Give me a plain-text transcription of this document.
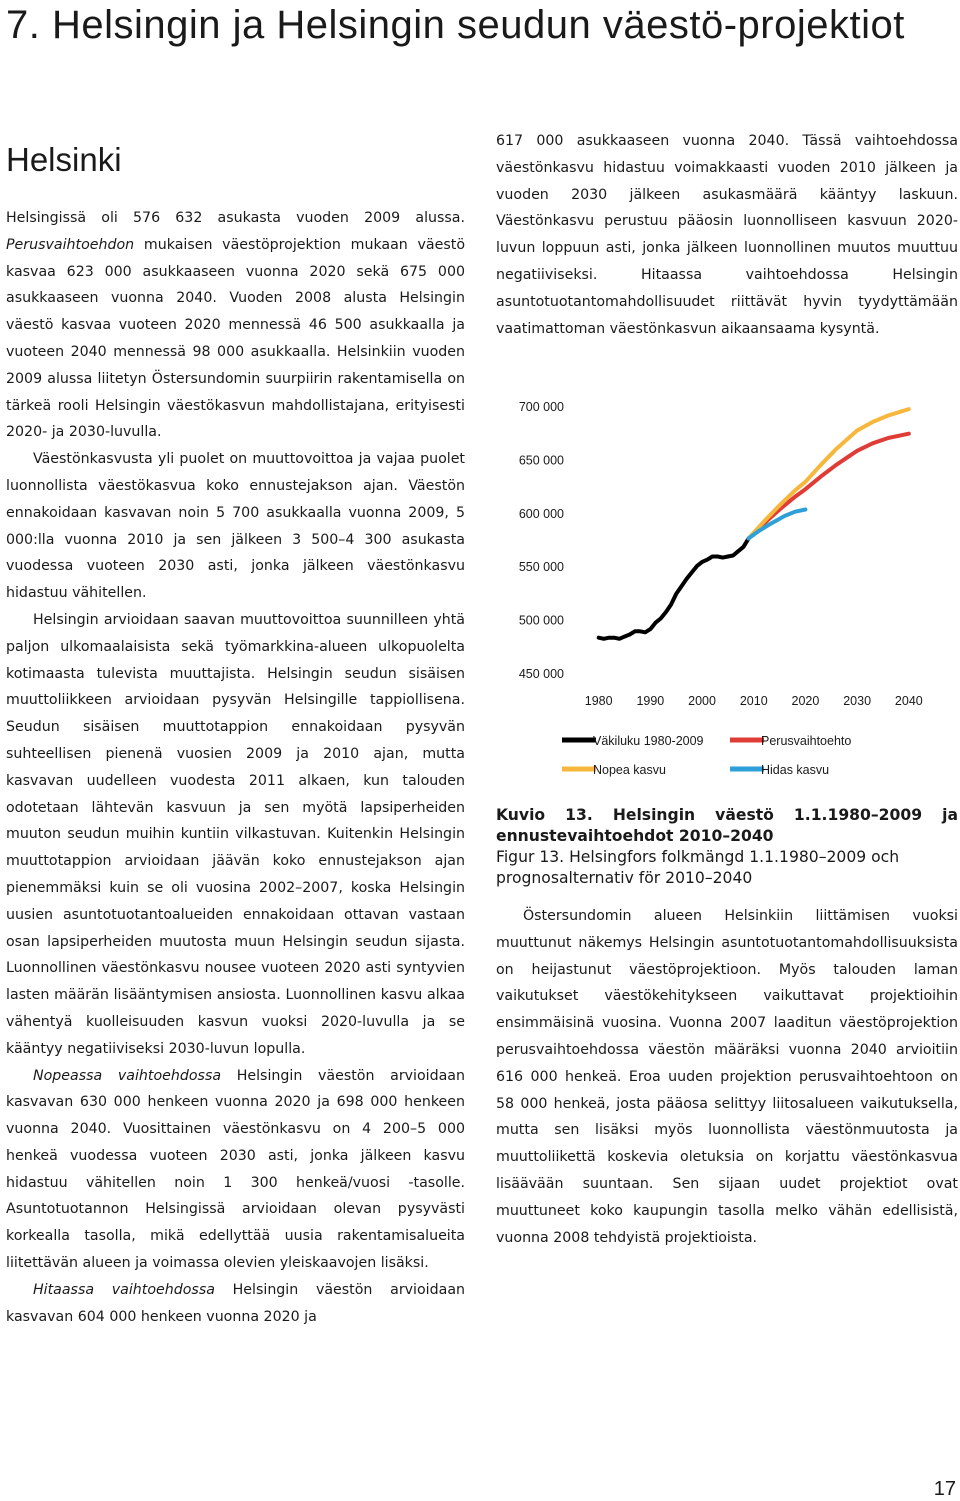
7. Helsingin ja Helsingin seudun väestö-projektiot
Helsinki

Helsingissä oli 576 632 asukasta vuoden 2009 alussa. Perusvaihtoehdon mukaisen väestöprojektion mukaan väestö kasvaa 623 000 asukkaaseen vuonna 2020 sekä 675 000 asukkaaseen vuonna 2040. Vuoden 2008 alusta Helsingin väestö kasvaa vuoteen 2020 mennessä 46 500 asukkaalla ja vuoteen 2040 mennessä 98 000 asukkaalla. Helsinkiin vuoden 2009 alussa liitetyn Östersundomin suurpiirin rakentamisella on tärkeä rooli Helsingin väestökasvun mahdollistajana, erityisesti 2020- ja 2030-luvulla.

Väestönkasvusta yli puolet on muuttovoittoa ja vajaa puolet luonnollista väestökasvua koko ennustejakson ajan. Väestön ennakoidaan kasvavan noin 5 700 asukkaalla vuonna 2009, 5 000:lla vuonna 2010 ja sen jälkeen 3 500–4 300 asukasta vuodessa vuoteen 2030 asti, jonka jälkeen väestönkasvu hidastuu vähitellen.

Helsingin arvioidaan saavan muuttovoittoa suunnilleen yhtä paljon ulkomaalaisista sekä työmarkkina-alueen ulkopuolelta kotimaasta tulevista muuttajista. Helsingin seudun sisäisen muuttoliikkeen arvioidaan pysyvän Helsingille tappiollisena. Seudun sisäisen muuttotappion ennakoidaan pysyvän suhteellisen pienenä vuosien 2009 ja 2010 ajan, mutta kasvavan uudelleen vuodesta 2011 alkaen, kun talouden odotetaan lähtevän kasvuun ja sen myötä lapsiperheiden muuton seudun muihin kuntiin vilkastuvan. Kuitenkin Helsingin muuttotappion arvioidaan jäävän koko ennustejakson ajan pienemmäksi kuin se oli vuosina 2002–2007, koska Helsingin uusien asuntotuotantoalueiden ennakoidaan ottavan vastaan osan lapsiperheiden muutosta muun Helsingin seudun sijasta. Luonnollinen väestönkasvu nousee vuoteen 2020 asti syntyvien lasten määrän lisääntymisen ansiosta. Luonnollinen kasvu alkaa vähentyä kuolleisuuden kasvun vuoksi 2020-luvulla ja se kääntyy negatiiviseksi 2030-luvun lopulla.

Nopeassa vaihtoehdossa Helsingin väestön arvioidaan kasvavan 630 000 henkeen vuonna 2020 ja 698 000 henkeen vuonna 2040. Vuosittainen väestönkasvu on 4 200–5 000 henkeä vuodessa vuoteen 2030 asti, jonka jälkeen kasvu hidastuu vähitellen noin 1 300 henkeä/vuosi -tasolle. Asuntotuotannon Helsingissä arvioidaan olevan pysyvästi korkealla tasolla, mikä edellyttää uusia rakentamisalueita liitettävän alueen ja voimassa olevien yleiskaavojen lisäksi.

Hitaassa vaihtoehdossa Helsingin väestön arvioidaan kasvavan 604 000 henkeen vuonna 2020 ja

617 000 asukkaaseen vuonna 2040. Tässä vaihtoehdossa väestönkasvu hidastuu voimakkaasti vuoden 2010 jälkeen ja vuoden 2030 jälkeen asukasmäärä kääntyy laskuun. Väestönkasvu perustuu pääosin luonnolliseen kasvuun 2020-luvun loppuun asti, jonka jälkeen luonnollinen muutos muuttuu negatiiviseksi. Hitaassa vaihtoehdossa Helsingin asuntotuotantomahdollisuudet riittävät hyvin tyydyttämään vaatimattoman väestönkasvun aikaansaama kysyntä.

450 000
500 000
550 000
600 000
650 000
700 000
1980 1990 2000 2010 2020 2030 2040
Väkiluku 1980-2009	Perusvaihtoehto
Nopea kasvu	Hidas kasvu
Kuvio 13. Helsingin väestö 1.1.1980–2009 ja ennustevaihtoehdot 2010–2040
Figur 13. Helsingfors folkmängd 1.1.1980–2009 och prognosalternativ för 2010–2040

Östersundomin alueen Helsinkiin liittämisen vuoksi muuttunut näkemys Helsingin asuntotuotantomahdollisuuksista on heijastunut väestöprojektioon. Myös talouden laman vaikutukset väestökehitykseen vaikuttavat projektioihin ensimmäisinä vuosina. Vuonna 2007 laaditun väestöprojektion perusvaihtoehdossa väestön määräksi vuonna 2040 arvioitiin 616 000 henkeä. Eroa uuden projektion perusvaihtoehtoon on 58 000 henkeä, josta pääosa selittyy liitosalueen vaikutuksella, mutta sen lisäksi myös luonnollista väestönmuutosta ja muuttoliikettä koskevia oletuksia on korjattu väestönkasvua lisäävään suuntaan. Sen sijaan uudet projektiot ovat muuttuneet koko kaupungin tasolla melko vähän edellisistä, vuonna 2008 tehdyistä projektioista.

17
